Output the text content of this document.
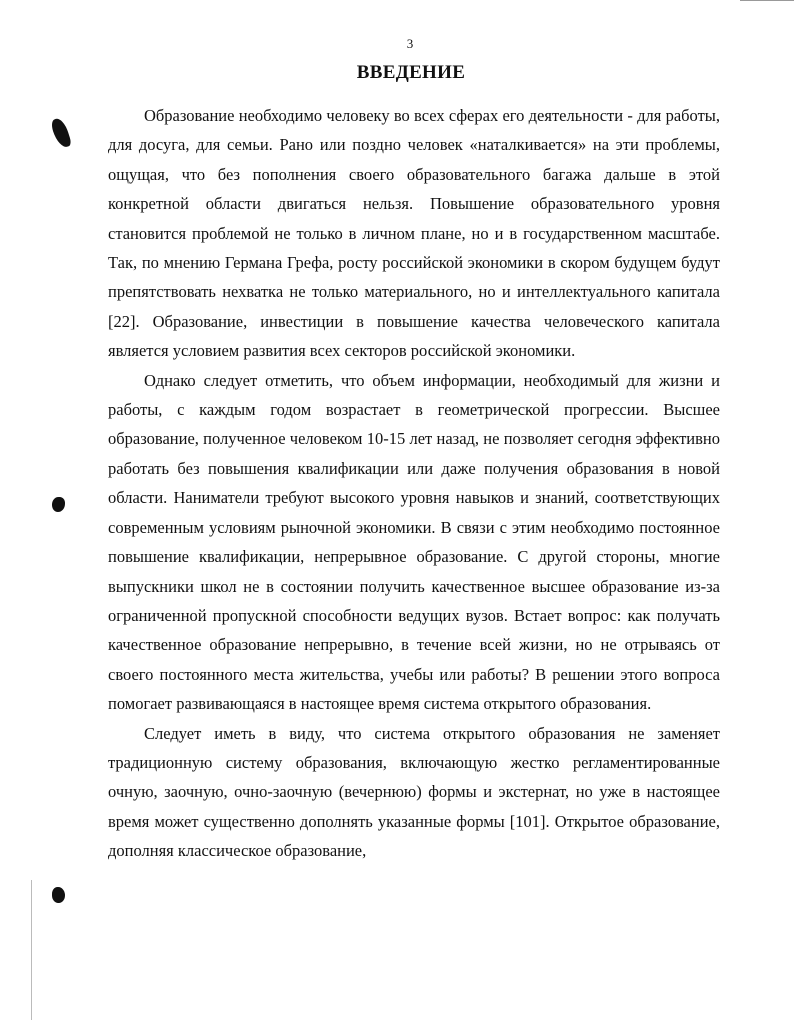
3
ВВЕДЕНИЕ

Образование необходимо человеку во всех сферах его деятельности - для работы, для досуга, для семьи. Рано или поздно человек «наталкивается» на эти проблемы, ощущая, что без пополнения своего образовательного багажа дальше в этой конкретной области двигаться нельзя. Повышение образовательного уровня становится проблемой не только в личном плане, но и в государственном масштабе. Так, по мнению Германа Грефа, росту российской экономики в скором будущем будут препятствовать нехватка не только материального, но и интеллектуального капитала [22]. Образование, инвестиции в повышение качества человеческого капитала является условием развития всех секторов российской экономики.

Однако следует отметить, что объем информации, необходимый для жизни и работы, с каждым годом возрастает в геометрической прогрессии. Высшее образование, полученное человеком 10-15 лет назад, не позволяет сегодня эффективно работать без повышения квалификации или даже получения образования в новой области. Наниматели требуют высокого уровня навыков и знаний, соответствующих современным условиям рыночной экономики. В связи с этим необходимо постоянное повышение квалификации, непрерывное образование. С другой стороны, многие выпускники школ не в состоянии получить качественное высшее образование из-за ограниченной пропускной способности ведущих вузов. Встает вопрос: как получать качественное образование непрерывно, в течение всей жизни, но не отрываясь от своего постоянного места жительства, учебы или работы? В решении этого вопроса помогает развивающаяся в настоящее время система открытого образования.

Следует иметь в виду, что система открытого образования не заменяет традиционную систему образования, включающую жестко регламентированные очную, заочную, очно-заочную (вечернюю) формы и экстернат, но уже в настоящее время может существенно дополнять указанные формы [101]. Открытое образование, дополняя классическое образование,
